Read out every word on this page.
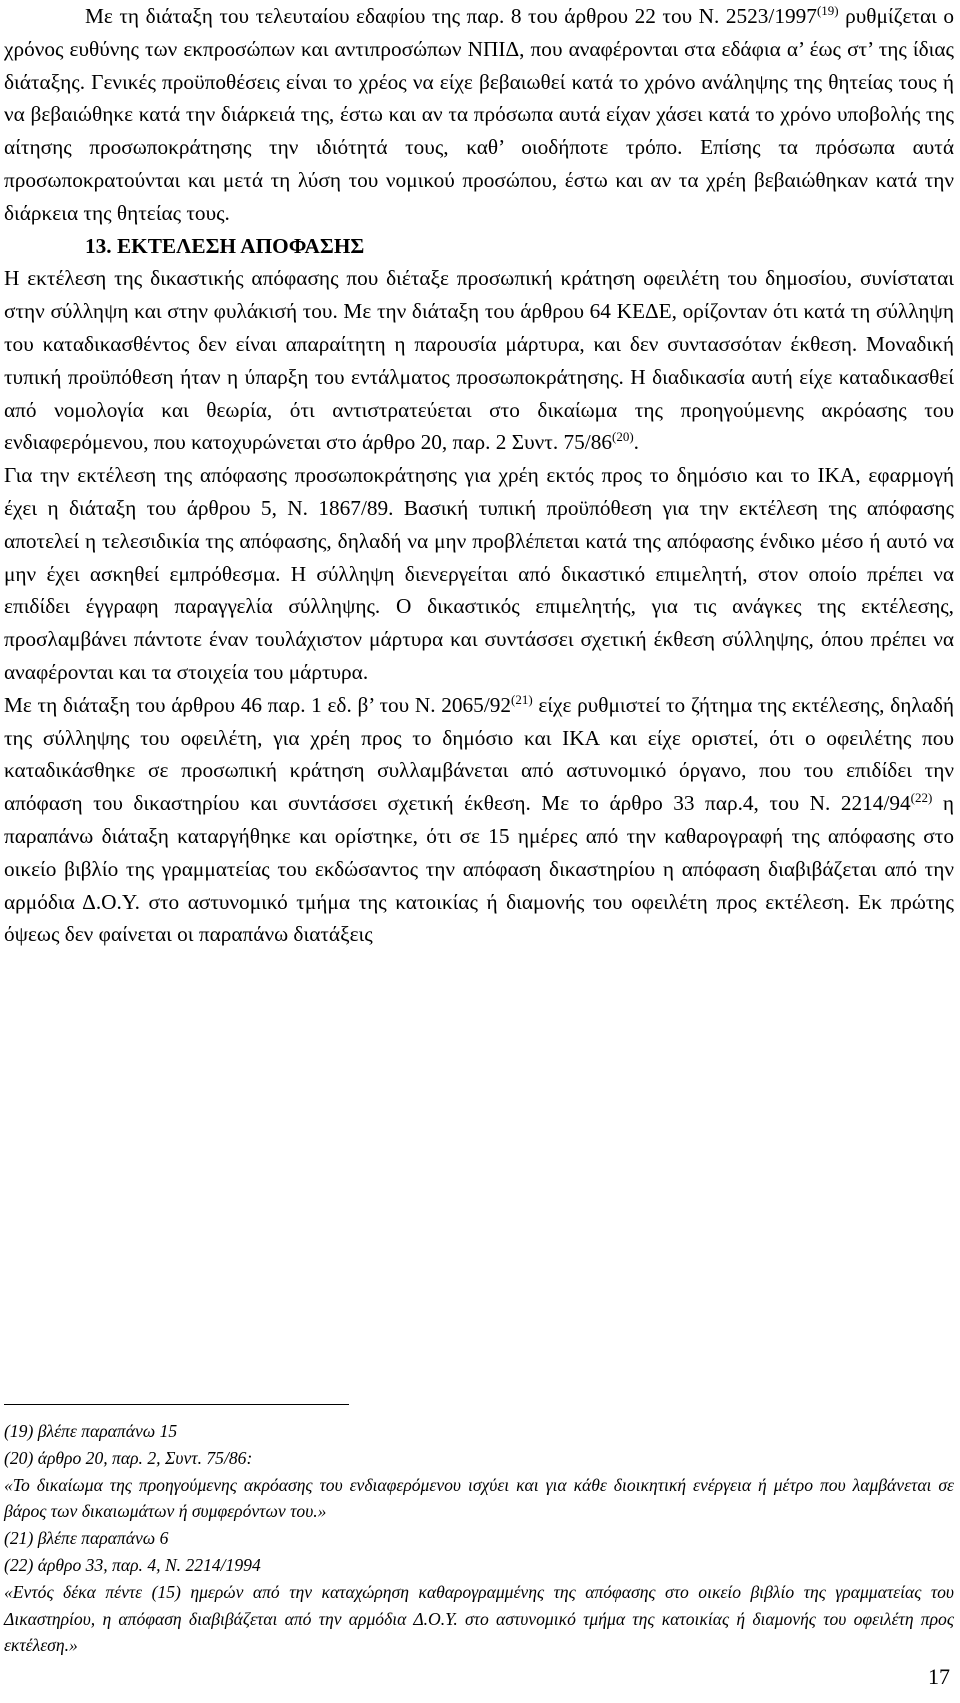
Με τη διάταξη του τελευταίου εδαφίου της παρ. 8 του άρθρου 22 του Ν. 2523/1997$^{(19)}$ ρυθμίζεται ο χρόνος ευθύνης των εκπροσώπων και αντιπροσώπων ΝΠΙΔ, που αναφέρονται στα εδάφια α’ έως στ’ της ίδιας διάταξης. Γενικές προϋποθέσεις είναι το χρέος να είχε βεβαιωθεί κατά το χρόνο ανάληψης της θητείας τους ή να βεβαιώθηκε κατά την διάρκειά της, έστω και αν τα πρόσωπα αυτά είχαν χάσει κατά το χρόνο υποβολής της αίτησης προσωποκράτησης την ιδιότητά τους, καθ’ οιοδήποτε τρόπο. Επίσης τα πρόσωπα αυτά προσωποκρατούνται και μετά τη λύση του νομικού προσώπου, έστω και αν τα χρέη βεβαιώθηκαν κατά την διάρκεια της θητείας τους.

13. ΕΚΤΕΛΕΣΗ ΑΠΟΦΑΣΗΣ

Η εκτέλεση της δικαστικής απόφασης που διέταξε προσωπική κράτηση οφειλέτη του δημοσίου, συνίσταται στην σύλληψη και στην φυλάκισή του. Με την διάταξη του άρθρου 64 ΚΕΔΕ, ορίζονταν ότι κατά τη σύλληψη του καταδικασθέντος δεν είναι απαραίτητη η παρουσία μάρτυρα, και δεν συντασσόταν έκθεση. Μοναδική τυπική προϋπόθεση ήταν η ύπαρξη του εντάλματος προσωποκράτησης. Η διαδικασία αυτή είχε καταδικασθεί από νομολογία και θεωρία, ότι αντιστρατεύεται στο δικαίωμα της προηγούμενης ακρόασης του ενδιαφερόμενου, που κατοχυρώνεται στο άρθρο 20, παρ. 2 Συντ. 75/86$^{(20)}$.

Για την εκτέλεση της απόφασης προσωποκράτησης για χρέη εκτός προς το δημόσιο και το ΙΚΑ, εφαρμογή έχει η διάταξη του άρθρου 5, Ν. 1867/89. Βασική τυπική προϋπόθεση για την εκτέλεση της απόφασης αποτελεί η τελεσιδικία της απόφασης, δηλαδή να μην προβλέπεται κατά της απόφασης ένδικο μέσο ή αυτό να μην έχει ασκηθεί εμπρόθεσμα. Η σύλληψη διενεργείται από δικαστικό επιμελητή, στον οποίο πρέπει να επιδίδει έγγραφη παραγγελία σύλληψης. Ο δικαστικός επιμελητής, για τις ανάγκες της εκτέλεσης, προσλαμβάνει πάντοτε έναν τουλάχιστον μάρτυρα και συντάσσει σχετική έκθεση σύλληψης, όπου πρέπει να αναφέρονται και τα στοιχεία του μάρτυρα.

Με τη διάταξη του άρθρου 46 παρ. 1 εδ. β’ του Ν. 2065/92$^{(21)}$ είχε ρυθμιστεί το ζήτημα της εκτέλεσης, δηλαδή της σύλληψης του οφειλέτη, για χρέη προς το δημόσιο και ΙΚΑ και είχε οριστεί, ότι ο οφειλέτης που καταδικάσθηκε σε προσωπική κράτηση συλλαμβάνεται από αστυνομικό όργανο, που του επιδίδει την απόφαση του δικαστηρίου και συντάσσει σχετική έκθεση. Με το άρθρο 33 παρ.4, του Ν. 2214/94$^{(22)}$ η παραπάνω διάταξη καταργήθηκε και ορίστηκε, ότι σε 15 ημέρες από την καθαρογραφή της απόφασης στο οικείο βιβλίο της γραμματείας του εκδώσαντος την απόφαση δικαστηρίου η απόφαση διαβιβάζεται από την αρμόδια Δ.Ο.Υ. στο αστυνομικό τμήμα της κατοικίας ή διαμονής του οφειλέτη προς εκτέλεση. Εκ πρώτης όψεως δεν φαίνεται οι παραπάνω διατάξεις

(19) βλέπε παραπάνω 15

(20) άρθρο 20, παρ. 2, Συντ. 75/86:

«Το δικαίωμα της προηγούμενης ακρόασης του ενδιαφερόμενου ισχύει και για κάθε διοικητική ενέργεια ή μέτρο που λαμβάνεται σε βάρος των δικαιωμάτων ή συμφερόντων του.»

(21) βλέπε παραπάνω 6

(22) άρθρο 33, παρ. 4, Ν. 2214/1994

«Εντός δέκα πέντε (15) ημερών από την καταχώρηση καθαρογραμμένης της απόφασης στο οικείο βιβλίο της γραμματείας του Δικαστηρίου, η απόφαση διαβιβάζεται από την αρμόδια Δ.Ο.Υ. στο αστυνομικό τμήμα της κατοικίας ή διαμονής του οφειλέτη προς εκτέλεση.»

17
